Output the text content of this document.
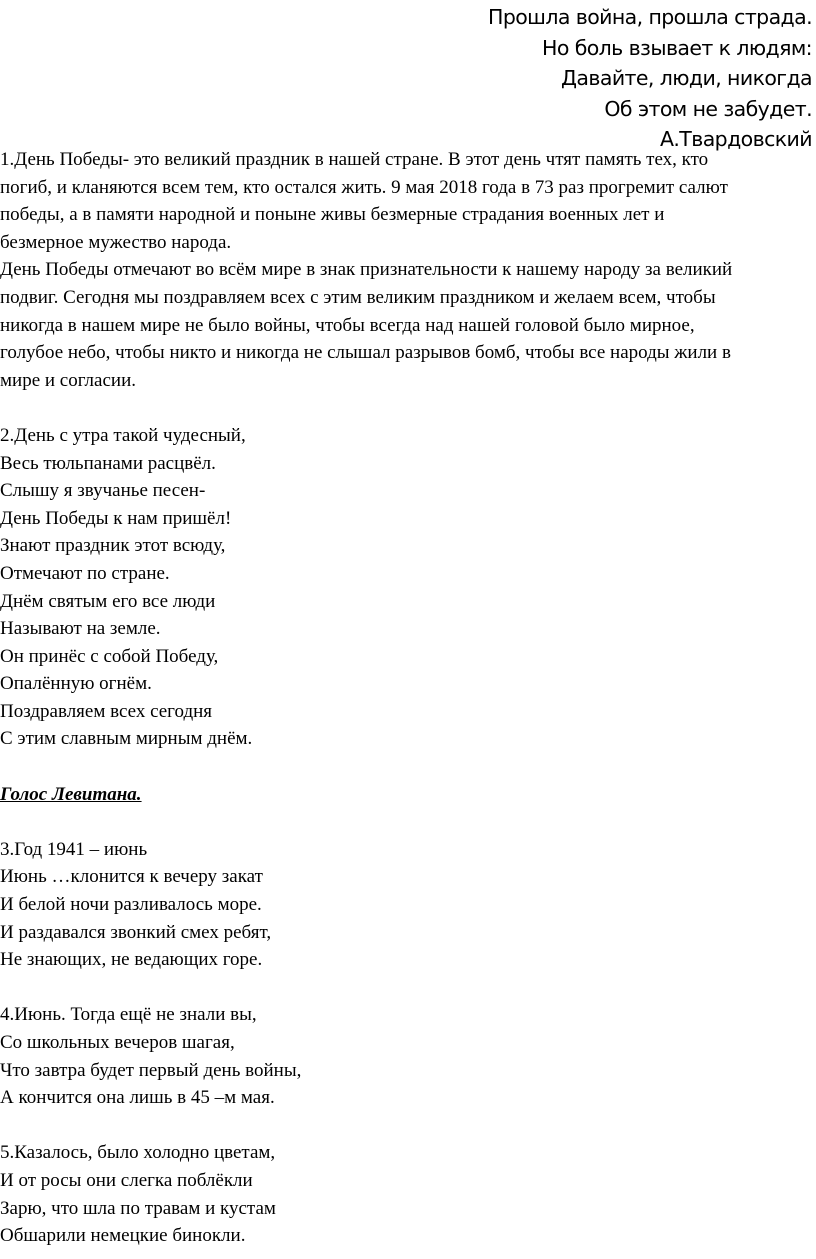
Прошла война, прошла страда.
Но боль взывает к людям:
Давайте, люди, никогда
Об этом не забудет.
А.Твардовский

1.День Победы- это великий праздник в нашей стране. В этот день чтят память тех, кто

погиб, и кланяются всем тем, кто остался жить. 9 мая 2018 года в 73 раз прогремит салют

победы, а в памяти народной и поныне живы безмерные страдания военных лет и

безмерное мужество народа.

День Победы отмечают во всём мире в знак признательности к нашему народу за великий

подвиг. Сегодня мы поздравляем всех с этим великим праздником и желаем всем, чтобы

никогда в нашем мире не было войны, чтобы всегда над нашей головой было мирное,

голубое небо, чтобы никто и никогда не слышал разрывов бомб, чтобы все народы жили в

мире и согласии.

2.День с утра такой чудесный,

Весь тюльпанами расцвёл.

Слышу я звучанье песен-

День Победы к нам пришёл!

Знают праздник этот всюду,

Отмечают по стране.

Днём святым его все люди

Называют на земле.

Он принёс с собой Победу,

Опалённую огнём.

Поздравляем всех сегодня

С этим славным мирным днём.

Голос Левитана.

3.Год 1941 – июнь

Июнь …клонится к вечеру закат

И белой ночи разливалось море.

И раздавался звонкий смех ребят,

Не знающих, не ведающих горе.

4.Июнь. Тогда ещё не знали вы,

Со школьных вечеров шагая,

Что завтра будет первый день войны,

А кончится она лишь в 45 –м мая.

5.Казалось, было холодно цветам,

И от росы они слегка поблёкли

Зарю, что шла по травам и кустам

Обшарили немецкие бинокли.
